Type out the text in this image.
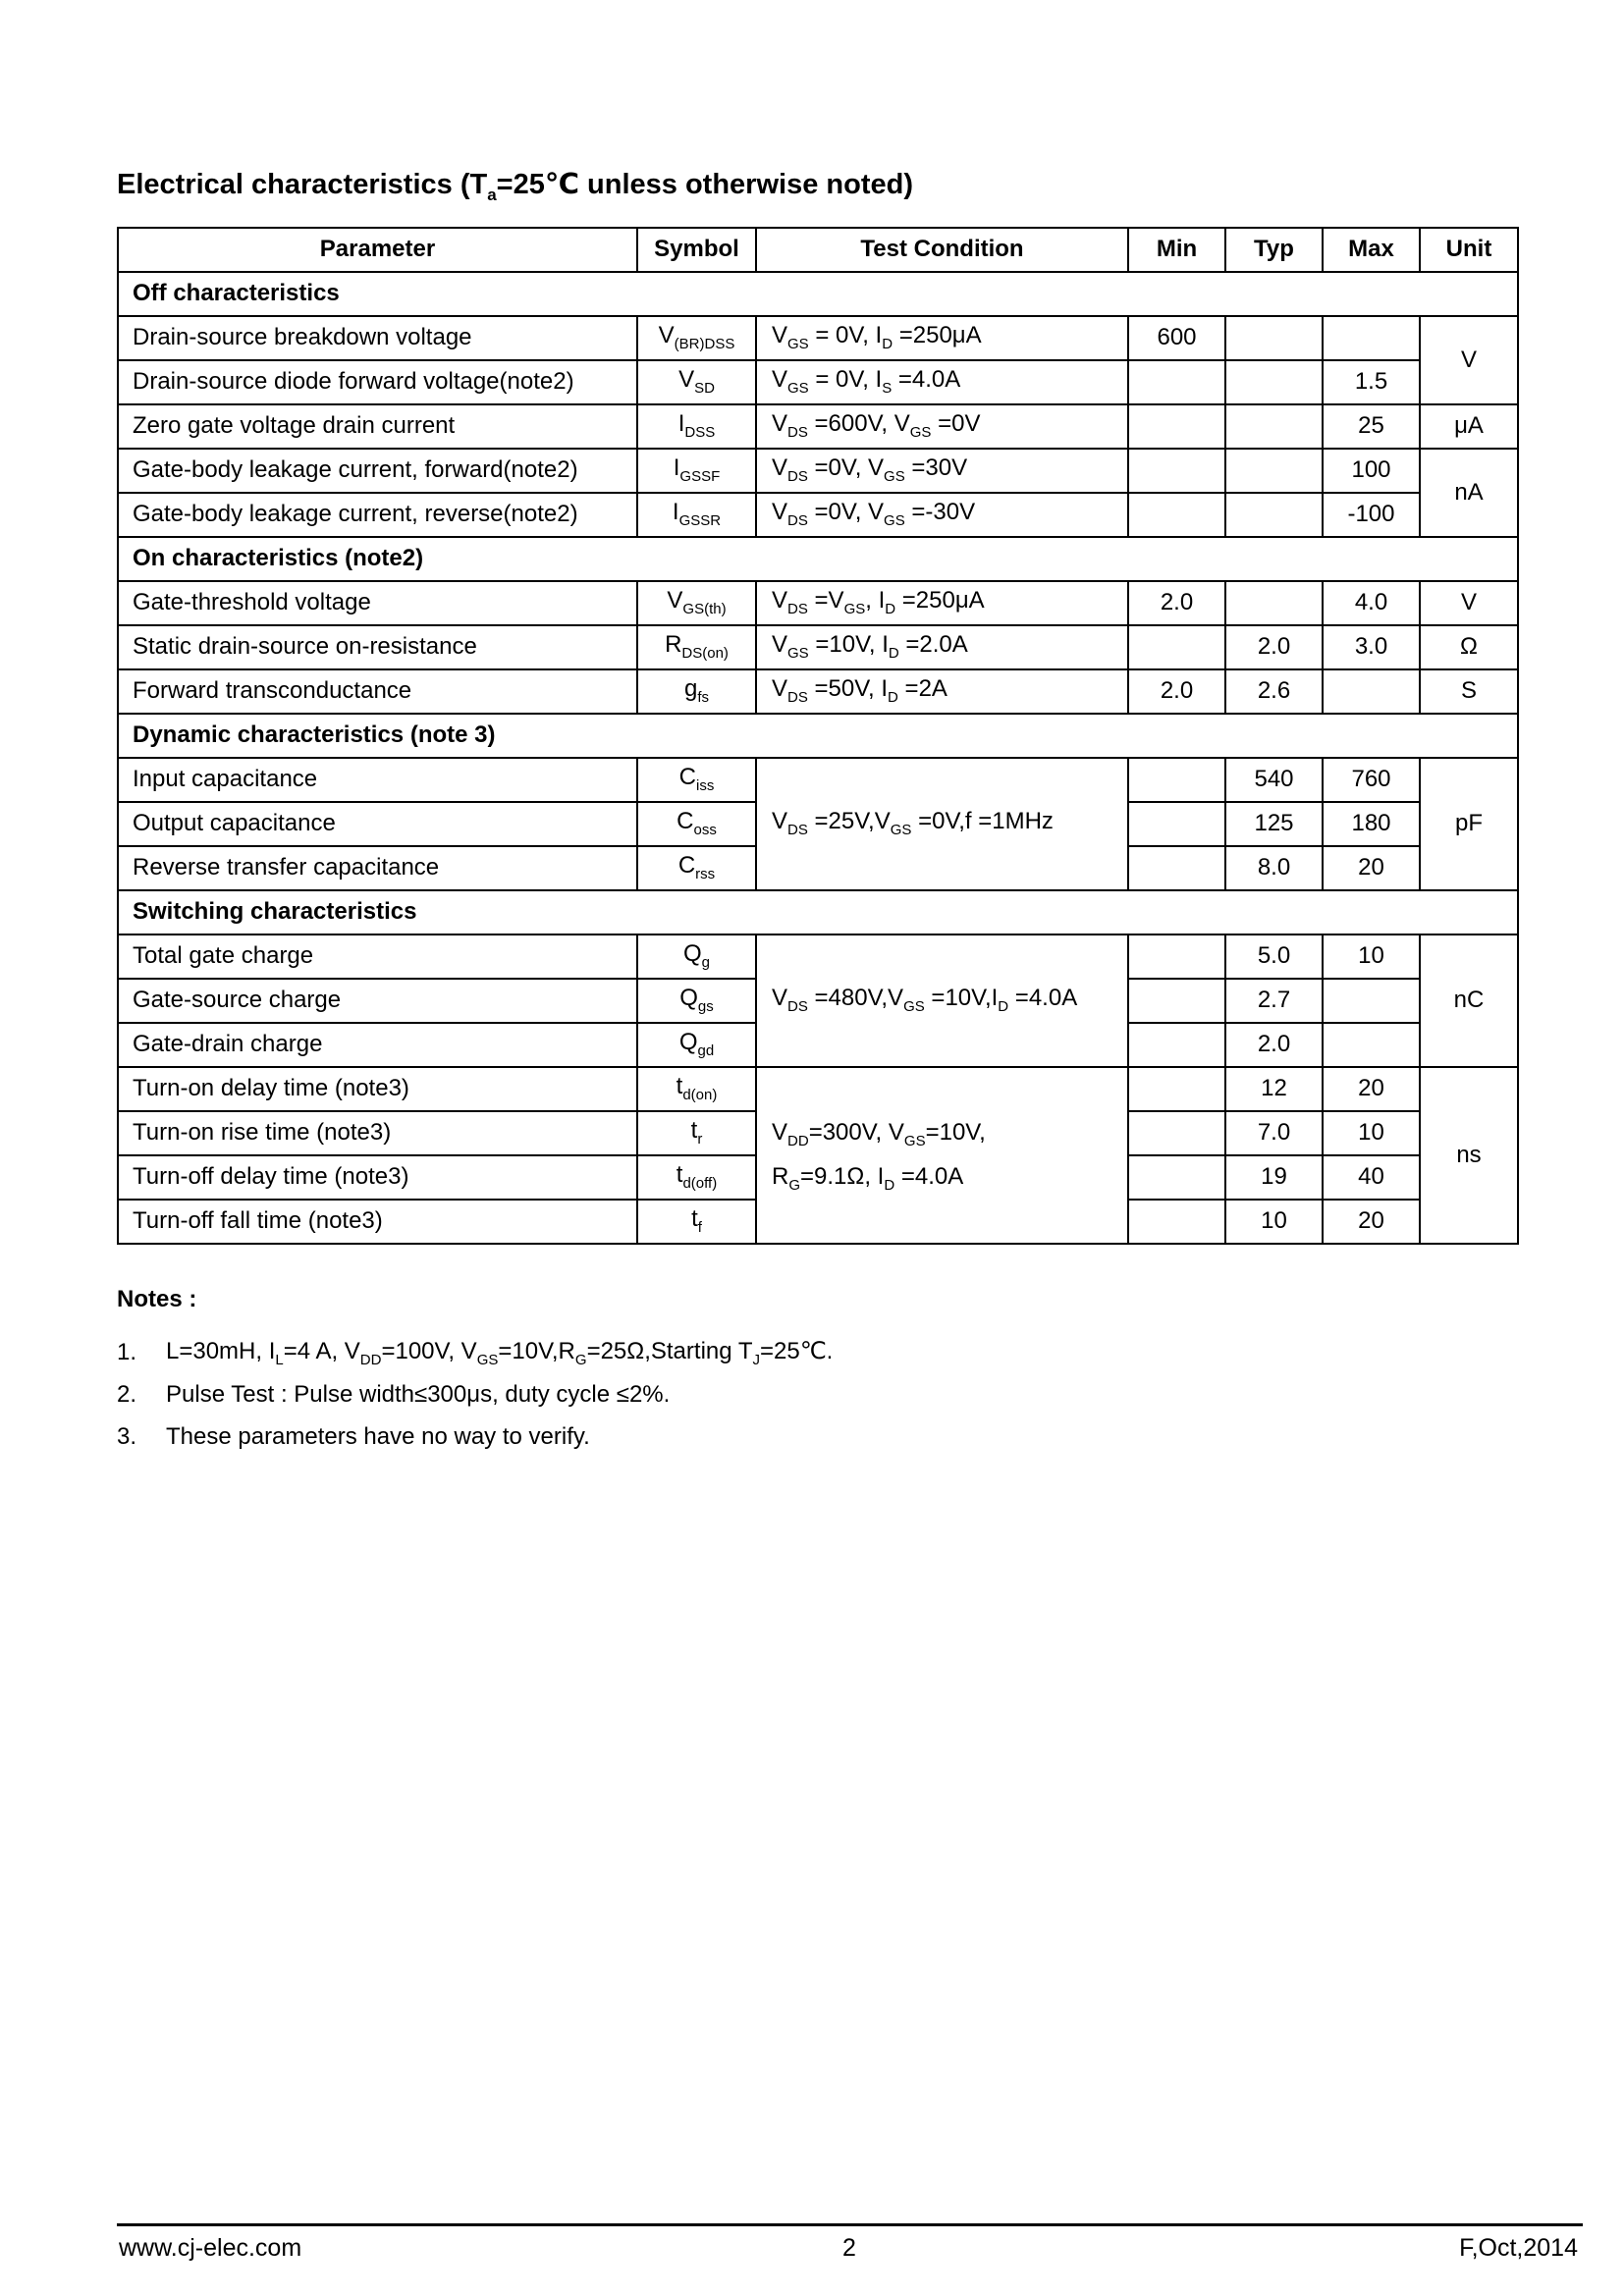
Electrical characteristics ($T_a=25℃$ unless otherwise noted)
Parameter	Symbol	Test Condition	Min	Typ	Max	Unit
Off characteristics						
Drain-source breakdown voltage	$V_{(BR)DSS}$	$V_{GS} = 0V$, $I_D =250\mu A$	600			V
Drain-source diode forward voltage(note2)	$V_{SD}$	$V_{GS} = 0V$, $I_S =4.0A$			1.5	
Zero gate voltage drain current	$I_{DSS}$	$V_{DS} =600V$, $V_{GS} =0V$			25	μA
Gate-body leakage current, forward(note2)	$I_{GSSF}$	$V_{DS} =0V$, $V_{GS} =30V$			100	nA
Gate-body leakage current, reverse(note2)	$I_{GSSR}$	$V_{DS} =0V$, $V_{GS} =-30V$			-100	
On characteristics (note2)						
Gate-threshold voltage	$V_{GS(th)}$	$V_{DS} =V_{GS}$, $I_D =250\mu A$	2.0		4.0	V
Static drain-source on-resistance	$R_{DS(on)}$	$V_{GS} =10V$, $I_D =2.0A$		2.0	3.0	Ω
Forward transconductance	$g_{fs}$	$V_{DS} =50V$, $I_D =2A$	2.0	2.6		S
Dynamic characteristics (note 3)						
Input capacitance	$C_{iss}$	$V_{DS} =25V,V_{GS} =0V,f =1MHz$		540	760	pF
Output capacitance	$C_{oss}$			125	180	
Reverse transfer capacitance	$C_{rss}$			8.0	20	
Switching characteristics						
Total gate charge	$Q_g$	$V_{DS} =480V,V_{GS} =10V,I_D =4.0A$		5.0	10	nC
Gate-source charge	$Q_{gs}$			2.7		
Gate-drain charge	$Q_{gd}$			2.0		
Turn-on delay time (note3)	$t_{d(on)}$	$V_{DD}=300V$, $V_{GS}=10V$,
$R_G=9.1\Omega$, $I_D =4.0A$		12	20	ns
Turn-on rise time (note3)	$t_r$			7.0	10	
Turn-off delay time (note3)	$t_{d(off)}$			19	40	
Turn-off fall time (note3)	$t_f$			10	20	
Notes :
1.	L=30mH, $I_L=4$ A, $V_{DD}=100V$, $V_{GS}=10V,R_G=25\Omega,Starting$ $T_J=25℃$.
2.	Pulse Test : Pulse width≤300μs, duty cycle ≤2%.
3.	These parameters have no way to verify.
www.cj-elec.com	2	F,Oct,2014
